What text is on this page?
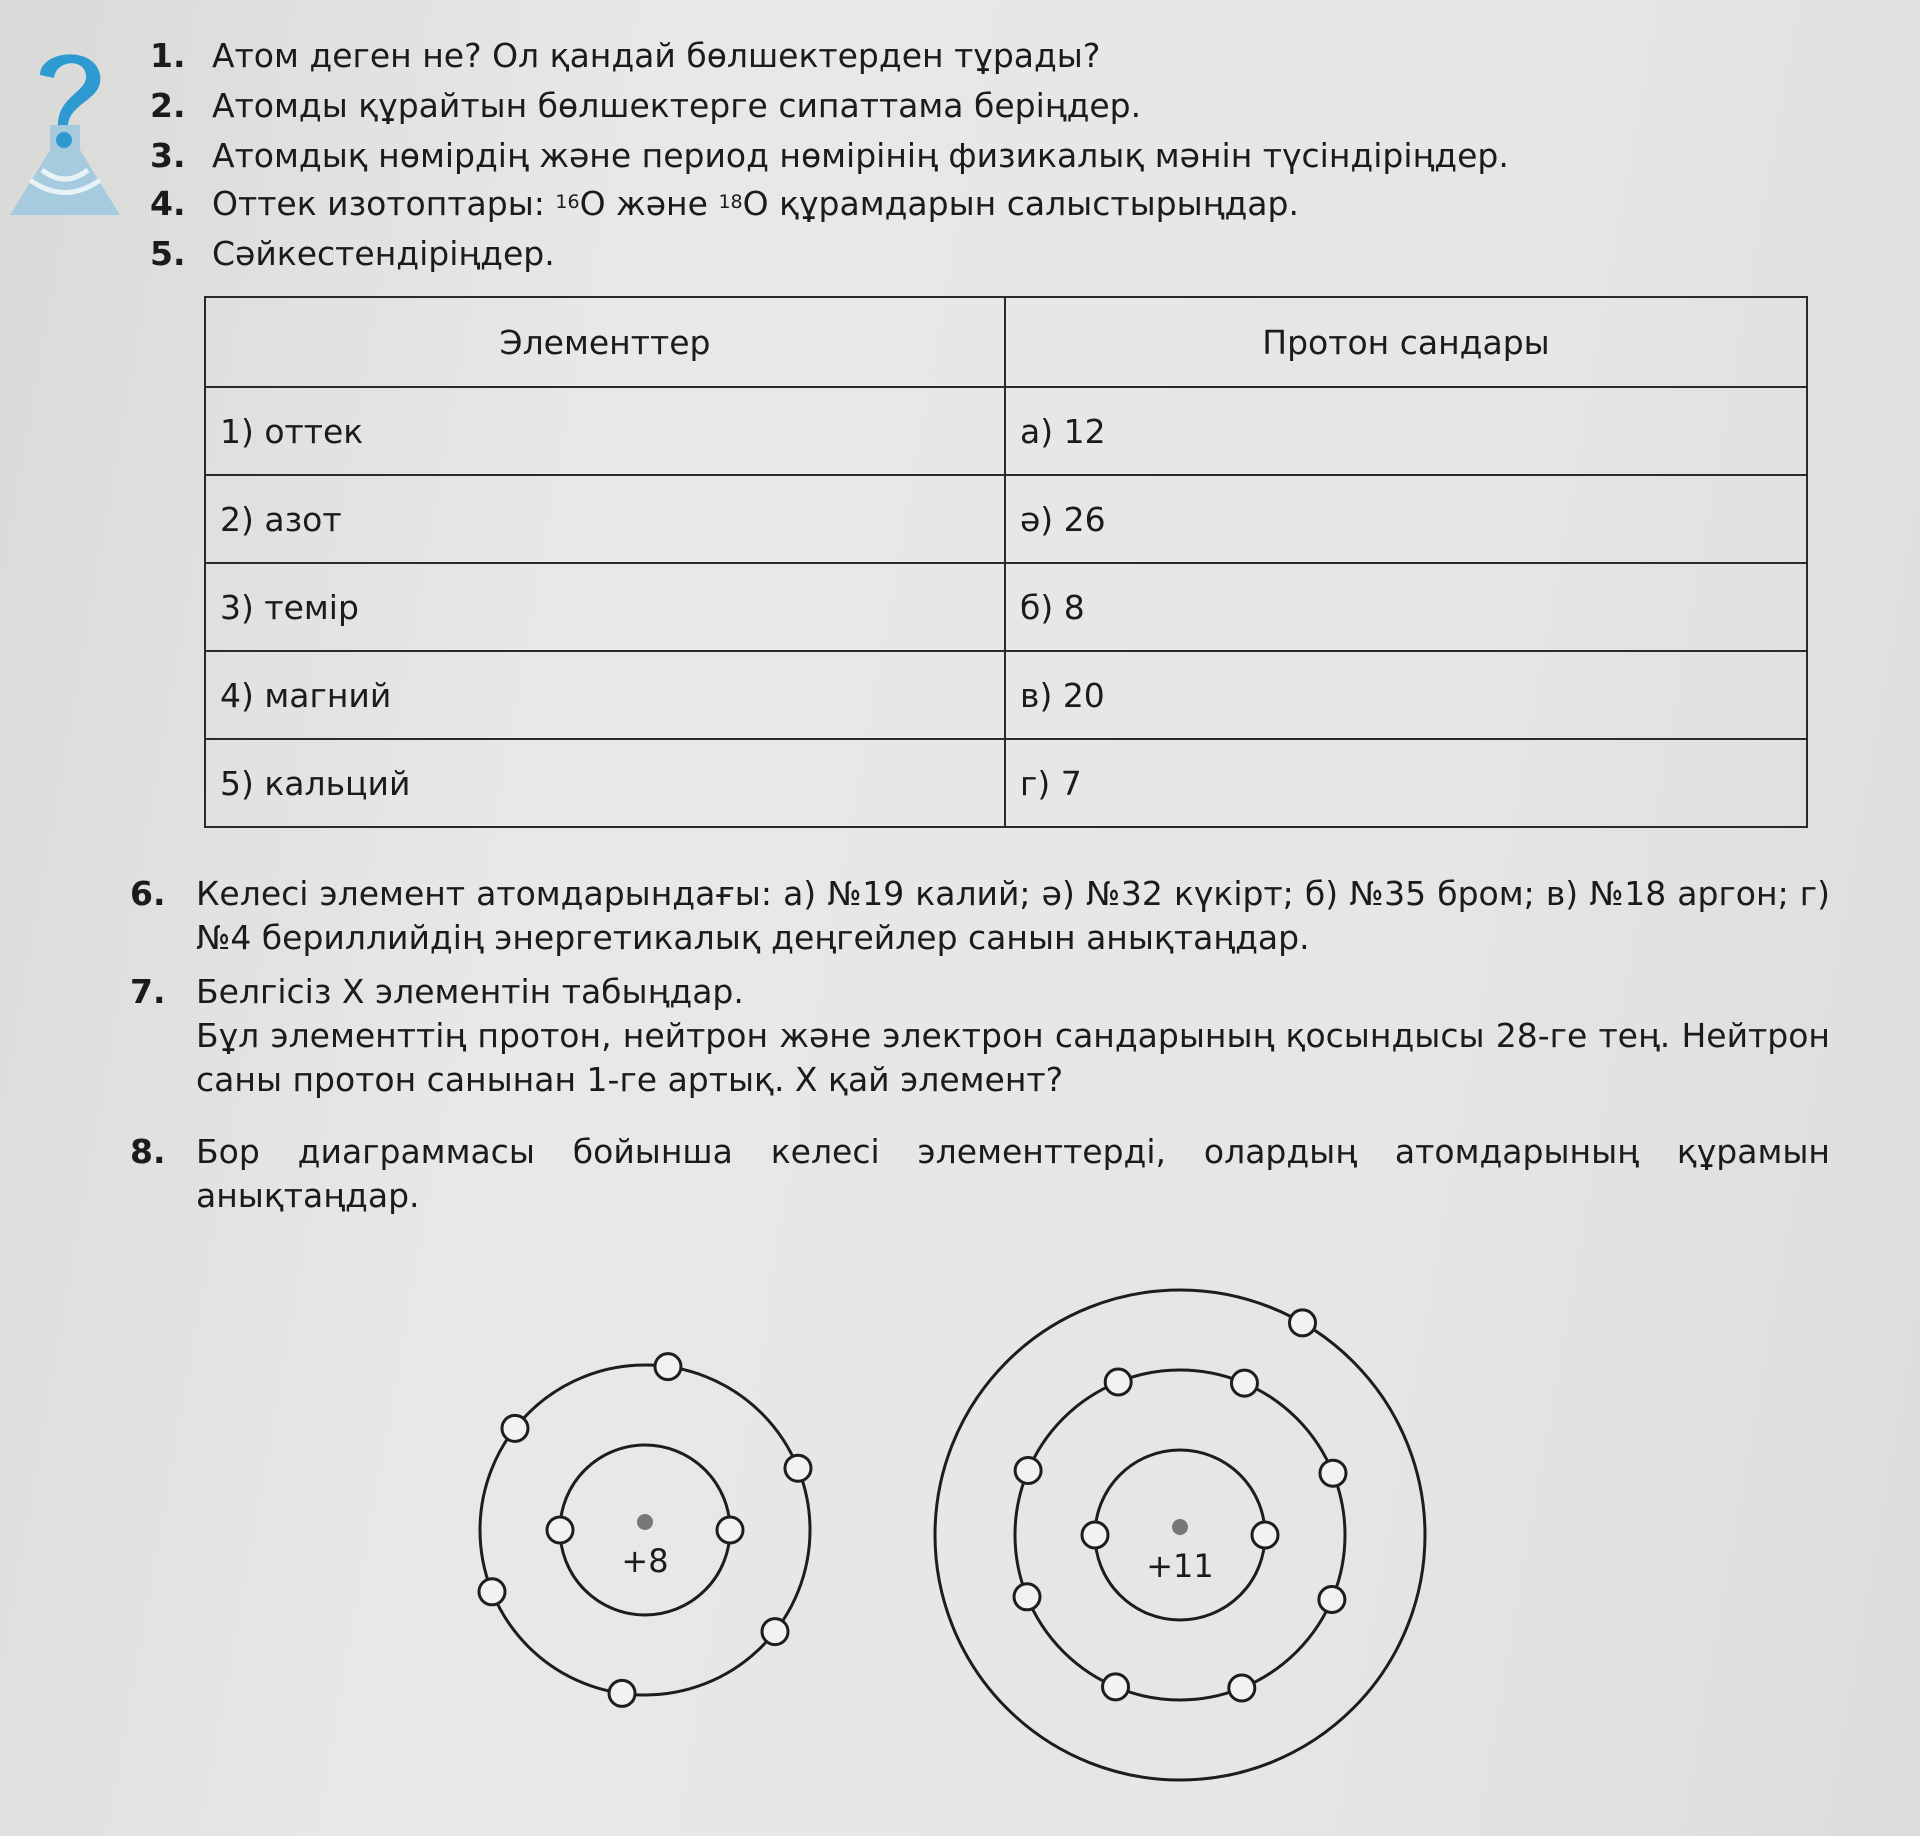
1. Атом деген не? Ол қандай бөлшектерден тұрады?
2. Атомды құрайтын бөлшектерге сипаттама беріңдер.
3. Атомдық нөмірдің және период нөмірінің физикалық мәнін түсіндіріңдер.
4. Оттек изотоптары: $^{16}$O және $^{18}$O құрамдарын салыстырыңдар.
5. Сәйкестендіріңдер.
Элементтер	Протон сандары
1) оттек	а) 12
2) азот	ә) 26
3) темір	б) 8
4) магний	в) 20
5) кальций	г) 7
6. Келесі элемент атомдарындағы: а) №19 калий; ә) №32 күкірт; б) №35 бром; в) №18 аргон; г) №4 бериллийдің энергетикалық деңгейлер санын анықтаңдар.
7. Белгісіз Х элементін табыңдар.
Бұл элементтің протон, нейтрон және электрон сандарының қосындысы 28-ге тең. Нейтрон саны протон санынан 1-ге артық. Х қай элемент?
8. Бор диаграммасы бойынша келесі элементтерді, олардың атомдарының құрамын анықтаңдар.
+8	+11
